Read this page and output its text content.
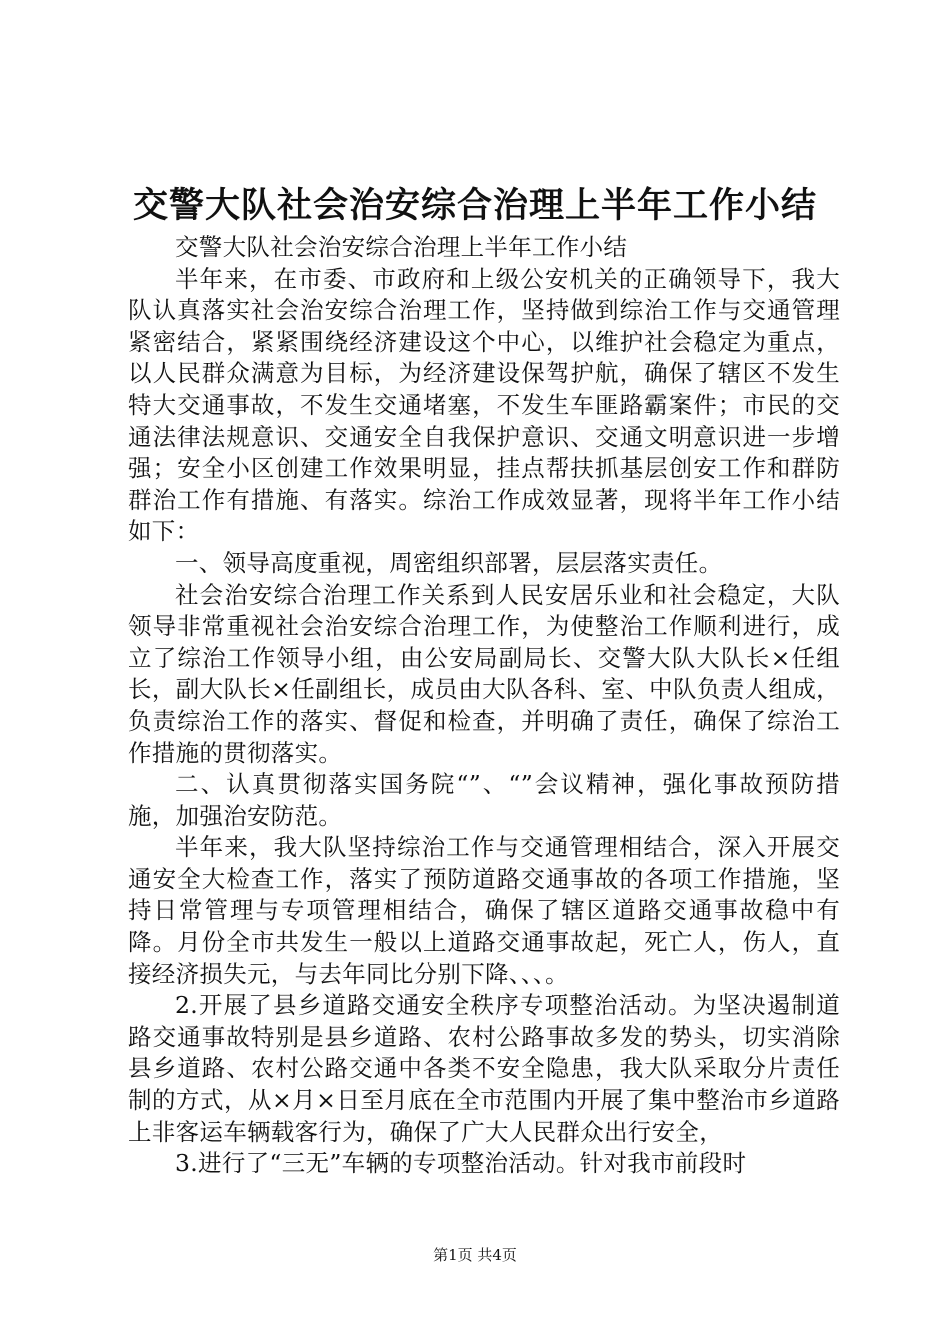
交警大队社会治安综合治理上半年工作小结

交警大队社会治安综合治理上半年工作小结

半年来，在市委、市政府和上级公安机关的正确领导下，我大队认真落实社会治安综合治理工作，坚持做到综治工作与交通管理紧密结合，紧紧围绕经济建设这个中心，以维护社会稳定为重点，以人民群众满意为目标，为经济建设保驾护航，确保了辖区不发生特大交通事故，不发生交通堵塞，不发生车匪路霸案件；市民的交通法律法规意识、交通安全自我保护意识、交通文明意识进一步增强；安全小区创建工作效果明显，挂点帮扶抓基层创安工作和群防群治工作有措施、有落实。综治工作成效显著，现将半年工作小结如下：

一、领导高度重视，周密组织部署，层层落实责任。

社会治安综合治理工作关系到人民安居乐业和社会稳定，大队领导非常重视社会治安综合治理工作，为使整治工作顺利进行，成立了综治工作领导小组，由公安局副局长、交警大队大队长×任组长，副大队长×任副组长，成员由大队各科、室、中队负责人组成，负责综治工作的落实、督促和检查，并明确了责任，确保了综治工作措施的贯彻落实。

二、认真贯彻落实国务院“”、“”会议精神，强化事故预防措施，加强治安防范。

半年来，我大队坚持综治工作与交通管理相结合，深入开展交通安全大检查工作，落实了预防道路交通事故的各项工作措施，坚持日常管理与专项管理相结合，确保了辖区道路交通事故稳中有降。月份全市共发生一般以上道路交通事故起，死亡人，伤人，直接经济损失元，与去年同比分别下降、、、。

2.开展了县乡道路交通安全秩序专项整治活动。为坚决遏制道路交通事故特别是县乡道路、农村公路事故多发的势头，切实消除县乡道路、农村公路交通中各类不安全隐患，我大队采取分片责任制的方式，从×月×日至月底在全市范围内开展了集中整治市乡道路上非客运车辆载客行为，确保了广大人民群众出行安全，

3.进行了“三无”车辆的专项整治活动。针对我市前段时

第1页 共4页
